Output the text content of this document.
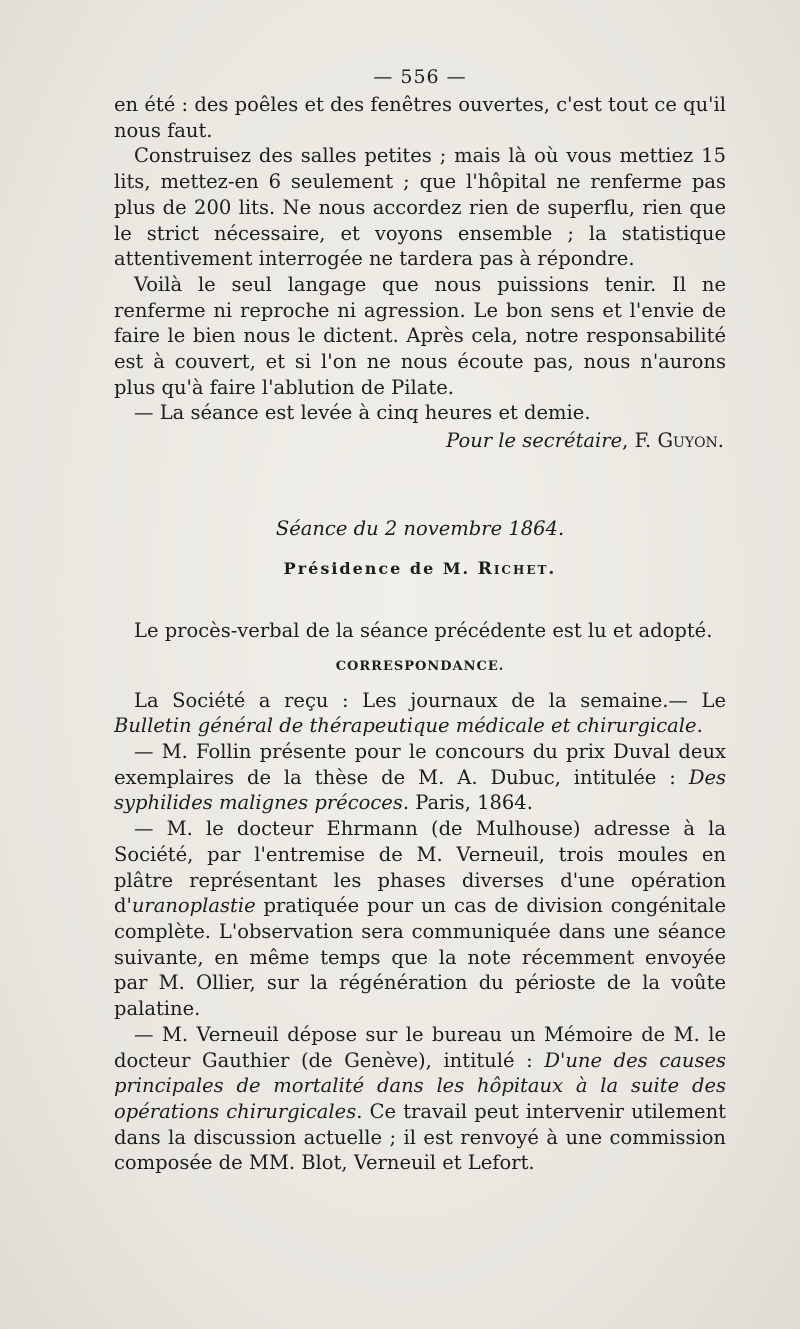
— 556 —

en été : des poêles et des fenêtres ouvertes, c'est tout ce qu'il nous faut.

Construisez des salles petites ; mais là où vous mettiez 15 lits, mettez-en 6 seulement ; que l'hôpital ne renferme pas plus de 200 lits. Ne nous accordez rien de superflu, rien que le strict nécessaire, et voyons ensemble ; la statistique attentivement interrogée ne tardera pas à répondre.

Voilà le seul langage que nous puissions tenir. Il ne renferme ni reproche ni agression. Le bon sens et l'envie de faire le bien nous le dictent. Après cela, notre responsabilité est à couvert, et si l'on ne nous écoute pas, nous n'aurons plus qu'à faire l'ablution de Pilate.

— La séance est levée à cinq heures et demie.

Pour le secrétaire, F. Guyon.

Séance du 2 novembre 1864.

Présidence de M. Richet.

Le procès-verbal de la séance précédente est lu et adopté.

CORRESPONDANCE.

La Société a reçu : Les journaux de la semaine.— Le Bulletin général de thérapeutique médicale et chirurgicale.

— M. Follin présente pour le concours du prix Duval deux exemplaires de la thèse de M. A. Dubuc, intitulée : Des syphilides malignes précoces. Paris, 1864.

— M. le docteur Ehrmann (de Mulhouse) adresse à la Société, par l'entremise de M. Verneuil, trois moules en plâtre représentant les phases diverses d'une opération d'uranoplastie pratiquée pour un cas de division congénitale complète. L'observation sera communiquée dans une séance suivante, en même temps que la note récemment envoyée par M. Ollier, sur la régénération du périoste de la voûte palatine.

— M. Verneuil dépose sur le bureau un Mémoire de M. le docteur Gauthier (de Genève), intitulé : D'une des causes principales de mortalité dans les hôpitaux à la suite des opérations chirurgicales. Ce travail peut intervenir utilement dans la discussion actuelle ; il est renvoyé à une commission composée de MM. Blot, Verneuil et Lefort.
